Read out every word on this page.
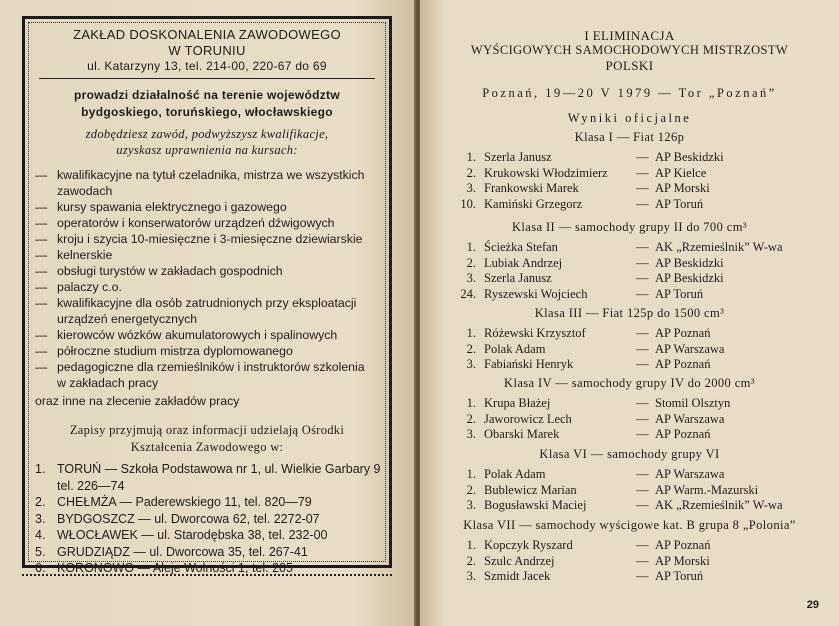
ZAKŁAD DOSKONALENIA ZAWODOWEGO
W TORUNIU
ul. Katarzyny 13, tel. 214-00, 220-67 do 69
prowadzi działalność na terenie województw
bydgoskiego, toruńskiego, włocławskiego
zdobędziesz zawód, podwyższysz kwalifikacje,
uzyskasz uprawnienia na kursach:
— kwalifikacyjne na tytuł czeladnika, mistrza we wszystkich
zawodach
— kursy spawania elektrycznego i gazowego
— operatorów i konserwatorów urządzeń dźwigowych
— kroju i szycia 10-miesięczne i 3-miesięczne dziewiarskie
— kelnerskie
— obsługi turystów w zakładach gospodnich
— palaczy c.o.
— kwalifikacyjne dla osób zatrudnionych przy eksploatacji
urządzeń energetycznych
— kierowców wózków akumulatorowych i spalinowych
— półroczne studium mistrza dyplomowanego
— pedagogiczne dla rzemieślników i instruktorów szkolenia
w zakładach pracy
oraz inne na zlecenie zakładów pracy
Zapisy przyjmują oraz informacji udzielają Ośrodki
Kształcenia Zawodowego w:
1. TORUŃ — Szkoła Podstawowa nr 1, ul. Wielkie Garbary 9
tel. 226—74
2. CHEŁMŻA — Paderewskiego 11, tel. 820—79
3. BYDGOSZCZ — ul. Dworcowa 62, tel. 2272-07
4. WŁOCŁAWEK — ul. Starodębska 38, tel. 232-00
5. GRUDZIĄDZ — ul. Dworcowa 35, tel. 267-41
6. KORONOWO — Aleje Wolności 1, tel. 205
I ELIMINACJA
WYŚCIGOWYCH SAMOCHODOWYCH MISTRZOSTW
POLSKI
Poznań, 19—20 V 1979 — Tor „Poznań”
Wyniki oficjalne
Klasa I — Fiat 126p
1. Szerla Janusz	— AP Beskidzki
2. Krukowski Włodzimierz — AP Kielce
3. Frankowski Marek	— AP Morski
10. Kamiński Grzegorz	— AP Toruń
Klasa II — samochody grupy II do 700 cm³
1. Ścieżka Stefan	— AK „Rzemieślnik” W-wa
2. Lubiak Andrzej	— AP Beskidzki
3. Szerla Janusz	— AP Beskidzki
24. Ryszewski Wojciech	— AP Toruń
Klasa III — Fiat 125p do 1500 cm³
1. Różewski Krzysztof	— AP Poznań
2. Polak Adam	— AP Warszawa
3. Fabiański Henryk	— AP Poznań
Klasa IV — samochody grupy IV do 2000 cm³
1. Krupa Błażej	— Stomil Olsztyn
2. Jaworowicz Lech	— AP Warszawa
3. Obarski Marek	— AP Poznań
Klasa VI — samochody grupy VI
1. Polak Adam	— AP Warszawa
2. Bublewicz Marian	— AP Warm.-Mazurski
3. Bogusławski Maciej	— AK „Rzemieślnik” W-wa
Klasa VII — samochody wyścigowe kat. B grupa 8 „Polonia”
1. Kopczyk Ryszard	— AP Poznań
2. Szulc Andrzej	— AP Morski
3. Szmidt Jacek	— AP Toruń
29
